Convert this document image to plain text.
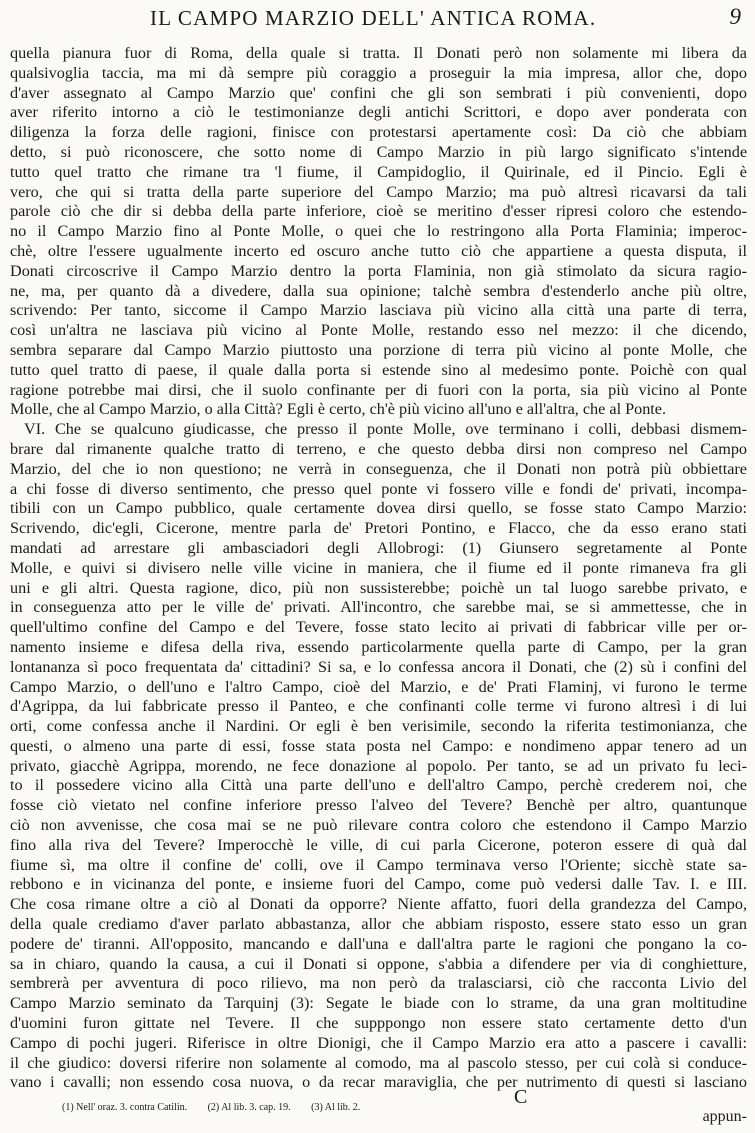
IL CAMPO MARZIO DELL' ANTICA ROMA.	9
quella pianura fuor di Roma, della quale si tratta. Il Donati però non solamente mi libera da
qualsivoglia taccia, ma mi dà sempre più coraggio a proseguir la mia impresa, allor che, dopo
d'aver assegnato al Campo Marzio que' confini che gli son sembrati i più convenienti, dopo
aver riferito intorno a ciò le testimonianze degli antichi Scrittori, e dopo aver ponderata con
diligenza la forza delle ragioni, finisce con protestarsi apertamente così: Da ciò che abbiam
detto, si può riconoscere, che sotto nome di Campo Marzio in più largo significato s'intende
tutto quel tratto che rimane tra 'l fiume, il Campidoglio, il Quirinale, ed il Pincio. Egli è
vero, che qui si tratta della parte superiore del Campo Marzio; ma può altresì ricavarsi da tali
parole ciò che dir si debba della parte inferiore, cioè se meritino d'esser ripresi coloro che estendo-
no il Campo Marzio fino al Ponte Molle, o quei che lo restringono alla Porta Flaminia; imperoc-
chè, oltre l'essere ugualmente incerto ed oscuro anche tutto ciò che appartiene a questa disputa, il
Donati circoscrive il Campo Marzio dentro la porta Flaminia, non già stimolato da sicura ragio-
ne, ma, per quanto dà a divedere, dalla sua opinione; talchè sembra d'estenderlo anche più oltre,
scrivendo: Per tanto, siccome il Campo Marzio lasciava più vicino alla città una parte di terra,
così un'altra ne lasciava più vicino al Ponte Molle, restando esso nel mezzo: il che dicendo,
sembra separare dal Campo Marzio piuttosto una porzione di terra più vicino al ponte Molle, che
tutto quel tratto di paese, il quale dalla porta si estende sino al medesimo ponte. Poichè con qual
ragione potrebbe mai dirsi, che il suolo confinante per di fuori con la porta, sia più vicino al Ponte
Molle, che al Campo Marzio, o alla Città? Egli è certo, ch'è più vicino all'uno e all'altra, che al Ponte.
VI. Che se qualcuno giudicasse, che presso il ponte Molle, ove terminano i colli, debbasi dismem-
brare dal rimanente qualche tratto di terreno, e che questo debba dirsi non compreso nel Campo
Marzio, del che io non questiono; ne verrà in conseguenza, che il Donati non potrà più obbiettare
a chi fosse di diverso sentimento, che presso quel ponte vi fossero ville e fondi de' privati, incompa-
tibili con un Campo pubblico, quale certamente dovea dirsi quello, se fosse stato Campo Marzio:
Scrivendo, dic'egli, Cicerone, mentre parla de' Pretori Pontino, e Flacco, che da esso erano stati
mandati ad arrestare gli ambasciadori degli Allobrogi: (1) Giunsero segretamente al Ponte
Molle, e quivi si divisero nelle ville vicine in maniera, che il fiume ed il ponte rimaneva fra gli
uni e gli altri. Questa ragione, dico, più non sussisterebbe; poichè un tal luogo sarebbe privato, e
in conseguenza atto per le ville de' privati. All'incontro, che sarebbe mai, se si ammettesse, che in
quell'ultimo confine del Campo e del Tevere, fosse stato lecito ai privati di fabbricar ville per or-
namento insieme e difesa della riva, essendo particolarmente quella parte di Campo, per la gran
lontananza sì poco frequentata da' cittadini? Si sa, e lo confessa ancora il Donati, che (2) sù i confini del
Campo Marzio, o dell'uno e l'altro Campo, cioè del Marzio, e de' Prati Flaminj, vi furono le terme
d'Agrippa, da lui fabbricate presso il Panteo, e che confinanti colle terme vi furono altresì i di lui
orti, come confessa anche il Nardini. Or egli è ben verisimile, secondo la riferita testimonianza, che
questi, o almeno una parte di essi, fosse stata posta nel Campo: e nondimeno appar tenero ad un
privato, giacchè Agrippa, morendo, ne fece donazione al popolo. Per tanto, se ad un privato fu leci-
to il possedere vicino alla Città una parte dell'uno e dell'altro Campo, perchè crederem noi, che
fosse ciò vietato nel confine inferiore presso l'alveo del Tevere? Benchè per altro, quantunque
ciò non avvenisse, che cosa mai se ne può rilevare contra coloro che estendono il Campo Marzio
fino alla riva del Tevere? Imperocchè le ville, di cui parla Cicerone, poteron essere di quà dal
fiume sì, ma oltre il confine de' colli, ove il Campo terminava verso l'Oriente; sicchè state sa-
rebbono e in vicinanza del ponte, e insieme fuori del Campo, come può vedersi dalle Tav. I. e III.
Che cosa rimane oltre a ciò al Donati da opporre? Niente affatto, fuori della grandezza del Campo,
della quale crediamo d'aver parlato abbastanza, allor che abbiam risposto, essere stato esso un gran
podere de' tiranni. All'opposito, mancando e dall'una e dall'altra parte le ragioni che pongano la co-
sa in chiaro, quando la causa, a cui il Donati si oppone, s'abbia a difendere per via di conghietture,
sembrerà per avventura di poco rilievo, ma non però da tralasciarsi, ciò che racconta Livio del
Campo Marzio seminato da Tarquinj (3): Segate le biade con lo strame, da una gran moltitudine
d'uomini furon gittate nel Tevere. Il che supppongo non essere stato certamente detto d'un
Campo di pochi jugeri. Riferisce in oltre Dionigi, che il Campo Marzio era atto a pascere i cavalli:
il che giudico: doversi riferire non solamente al comodo, ma al pascolo stesso, per cui colà si conduce-
vano i cavalli; non essendo cosa nuova, o da recar maraviglia, che per nutrimento di questi si lasciano
C
(1) Nell' oraz. 3. contra Catilin. (2) Al lib. 3. cap. 19. (3) Al lib. 2.
appun-
